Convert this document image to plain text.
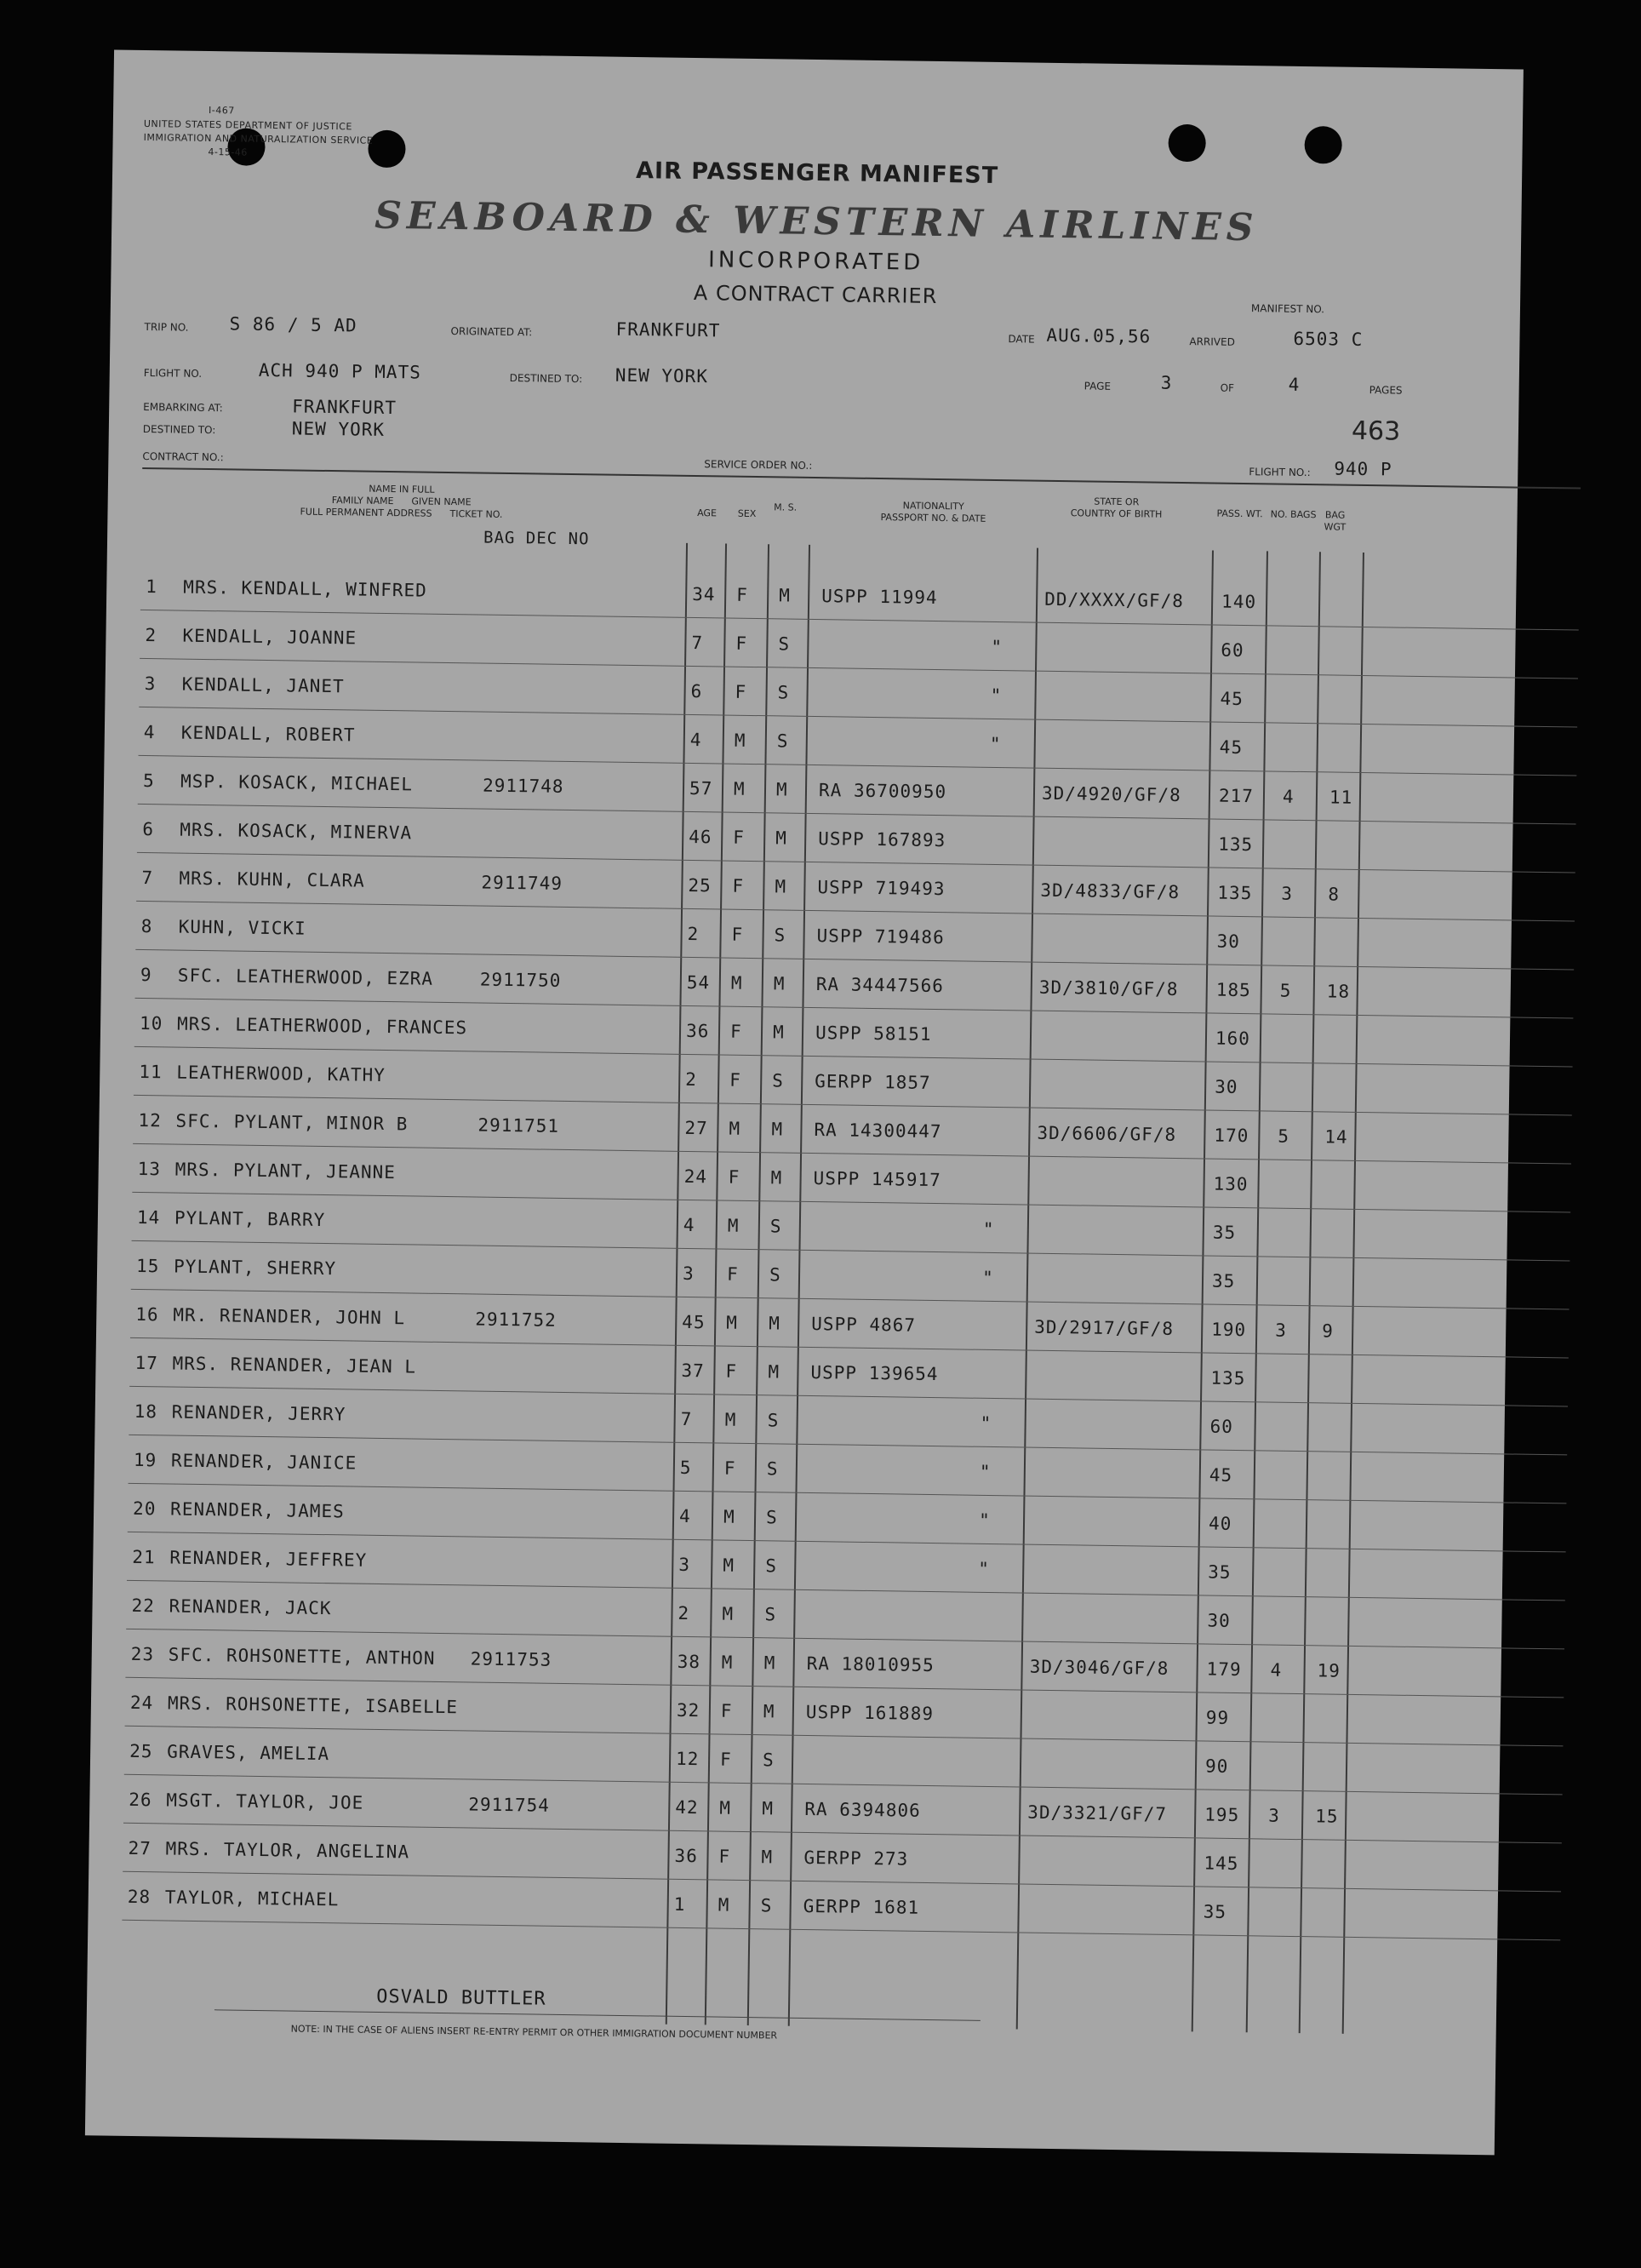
I-467
UNITED STATES DEPARTMENT OF JUSTICE
IMMIGRATION AND NATURALIZATION SERVICE
4-15-46
AIR PASSENGER MANIFEST
SEABOARD & WESTERN AIRLINES
INCORPORATED
A CONTRACT CARRIER
TRIP NO. S 86 / 5 AD	ORIGINATED AT:	FRANKFURT	DATE AUG.05,56	ARRIVED
MANIFEST NO.
6503 C
FLIGHT NO.	ACH 940 P MATS	DESTINED TO: NEW YORK	PAGE	3	OF	4	PAGES
EMBARKING AT:	FRANKFURT
DESTINED TO:	NEW YORK	463
CONTRACT NO.:
SERVICE ORDER NO.:
FLIGHT NO.: 940 P
NAME IN FULL
FAMILY NAME GIVEN NAME
FULL PERMANENT ADDRESS TICKET NO.
BAG DEC NO
AGE	SEX
M. S.	NATIONALITY
PASSPORT NO. & DATE
STATE OR
COUNTRY OF BIRTH	PASS. WT. NO. BAGS BAG WGT
1 MRS. KENDALL, WINFRED	34 F M USPP 11994	DD/XXXX/GF/8 140
2 KENDALL, JOANNE	7 F S	"	60
3 KENDALL, JANET	6 F S	"	45
4 KENDALL, ROBERT	4 M S	"	45
5 MSP. KOSACK, MICHAEL	2911748	57 M M RA 36700950	3D/4920/GF/8 217 4 11
6 MRS. KOSACK, MINERVA	46 F M USPP 167893	135
7 MRS. KUHN, CLARA	2911749	25 F M USPP 719493	3D/4833/GF/8 135 3 8
8 KUHN, VICKI	2 F S USPP 719486	30
9 SFC. LEATHERWOOD, EZRA	2911750	54 M M RA 34447566	3D/3810/GF/8 185 5 18
10 MRS. LEATHERWOOD, FRANCES	36 F M USPP 58151	160
11 LEATHERWOOD, KATHY	2 F S GERPP 1857	30
12 SFC. PYLANT, MINOR B	2911751	27 M M RA 14300447	3D/6606/GF/8 170 5 14
13 MRS. PYLANT, JEANNE	24 F M USPP 145917	130
14 PYLANT, BARRY	4 M S	"	35
15 PYLANT, SHERRY	3 F S	"	35
16 MR. RENANDER, JOHN L	2911752	45 M M USPP 4867	3D/2917/GF/8 190 3 9
17 MRS. RENANDER, JEAN L	37 F M USPP 139654	135
18 RENANDER, JERRY	7 M S	"	60
19 RENANDER, JANICE	5 F S	"	45
20 RENANDER, JAMES	4 M S	"	40
21 RENANDER, JEFFREY	3 M S	"	35
22 RENANDER, JACK	2 M S	30
23 SFC. ROHSONETTE, ANTHON 2911753	38 M M RA 18010955	3D/3046/GF/8 179 4 19
24 MRS. ROHSONETTE, ISABELLE	32 F M USPP 161889	99
25 GRAVES, AMELIA	12 F S	90
26 MSGT. TAYLOR, JOE	2911754	42 M M RA 6394806	3D/3321/GF/7 195 3 15
27 MRS. TAYLOR, ANGELINA	36 F M GERPP 273	145
28 TAYLOR, MICHAEL	1 M S GERPP 1681	35
OSVALD BUTTLER
NOTE: IN THE CASE OF ALIENS INSERT RE-ENTRY PERMIT OR OTHER IMMIGRATION DOCUMENT NUMBER
